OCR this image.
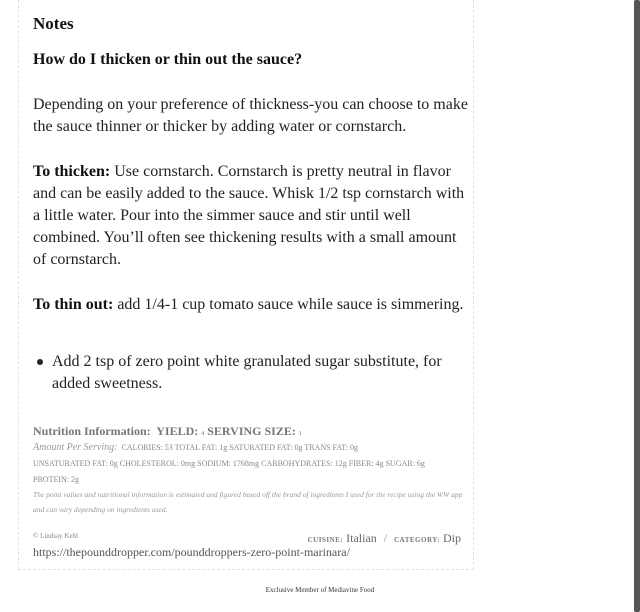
Notes
How do I thicken or thin out the sauce?

Depending on your preference of thickness-you can choose to make the sauce thinner or thicker by adding water or cornstarch.

To thicken: Use cornstarch. Cornstarch is pretty neutral in flavor and can be easily added to the sauce. Whisk 1/2 tsp cornstarch with a little water. Pour into the simmer sauce and stir until well combined. You’ll often see thickening results with a small amount of cornstarch.

To thin out: add 1/4-1 cup tomato sauce while sauce is simmering.

Add 2 tsp of zero point white granulated sugar substitute, for added sweetness.
Nutrition Information: YIELD: 4 SERVING SIZE: 1
Amount Per Serving: CALORIES: 53 TOTAL FAT: 1g SATURATED FAT: 0g TRANS FAT: 0g
UNSATURATED FAT: 0g CHOLESTEROL: 0mg SODIUM: 1768mg CARBOHYDRATES: 12g FIBER: 4g SUGAR: 6g
PROTEIN: 2g
The point values and nutritional information is estimated and figured based off the brand of ingredients I used for the recipe using the WW app and can vary depending on ingredients used.
© Lindsay Kehl	CUISINE: Italian / CATEGORY: Dip
https://thepounddropper.com/pounddroppers-zero-point-marinara/
Exclusive Member of Mediavine Food
